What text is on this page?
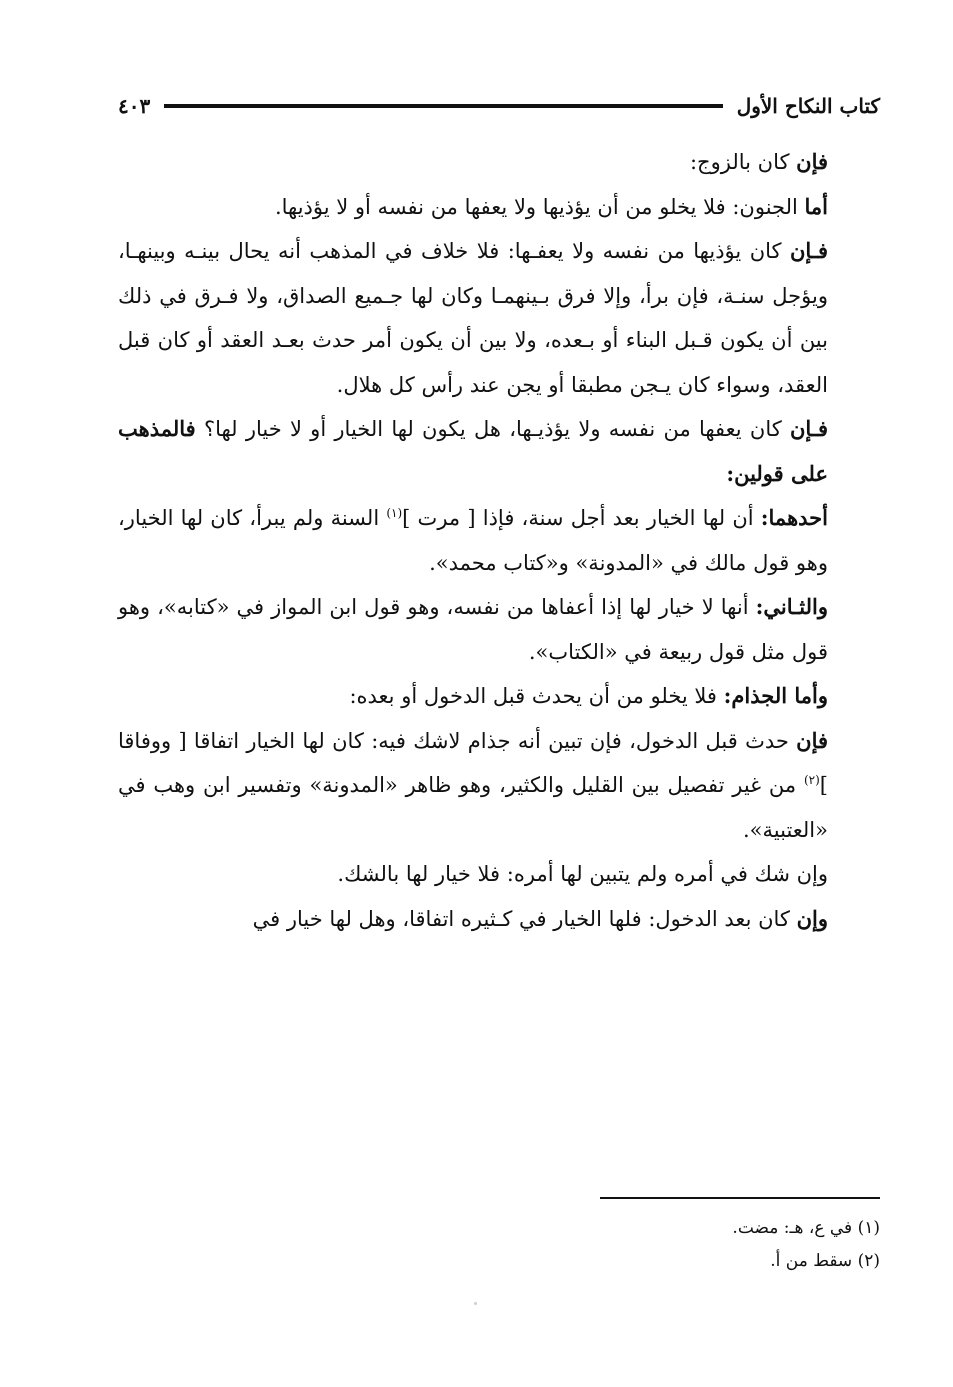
كتاب النكاح الأول
٤٠٣

فإن كان بالزوج:

أما الجنون: فلا يخلو من أن يؤذيها ولا يعفها من نفسه أو لا يؤذيها.

فـإن كان يؤذيها من نفسه ولا يعفـها: فلا خلاف في المذهب أنه يحال بينـه وبينهـا، ويؤجل سنـة، فإن برأ، وإلا فرق بـينهمـا وكان لها جـميع الصداق، ولا فـرق في ذلك بين أن يكون قـبل البناء أو بـعده، ولا بين أن يكون أمر حدث بعـد العقد أو كان قبل العقد، وسواء كان يـجن مطبقا أو يجن عند رأس كل هلال.

فـإن كان يعفها من نفسه ولا يؤذيـها، هل يكون لها الخيار أو لا خيار لها؟ فالمذهب على قولين:

أحدهما: أن لها الخيار بعد أجل سنة، فإذا [ مرت ]$^{(١)}$ السنة ولم يبرأ، كان لها الخيار، وهو قول مالك في «المدونة» و«كتاب محمد».

والثـاني: أنها لا خيار لها إذا أعفاها من نفسه، وهو قول ابن المواز في «كتابه»، وهو قول مثل قول ربيعة في «الكتاب».

وأما الجذام: فلا يخلو من أن يحدث قبل الدخول أو بعده:

فإن حدث قبل الدخول، فإن تبين أنه جذام لاشك فيه: كان لها الخيار اتفاقا [ ووفاقا ]$^{(٢)}$ من غير تفصيل بين القليل والكثير، وهو ظاهر «المدونة» وتفسير ابن وهب في «العتبية».

وإن شك في أمره ولم يتبين لها أمره: فلا خيار لها بالشك.

وإن كان بعد الدخول: فلها الخيار في كـثيره اتفاقا، وهل لها خيار في

(١) في ع، هـ: مضت.

(٢) سقط من أ.
